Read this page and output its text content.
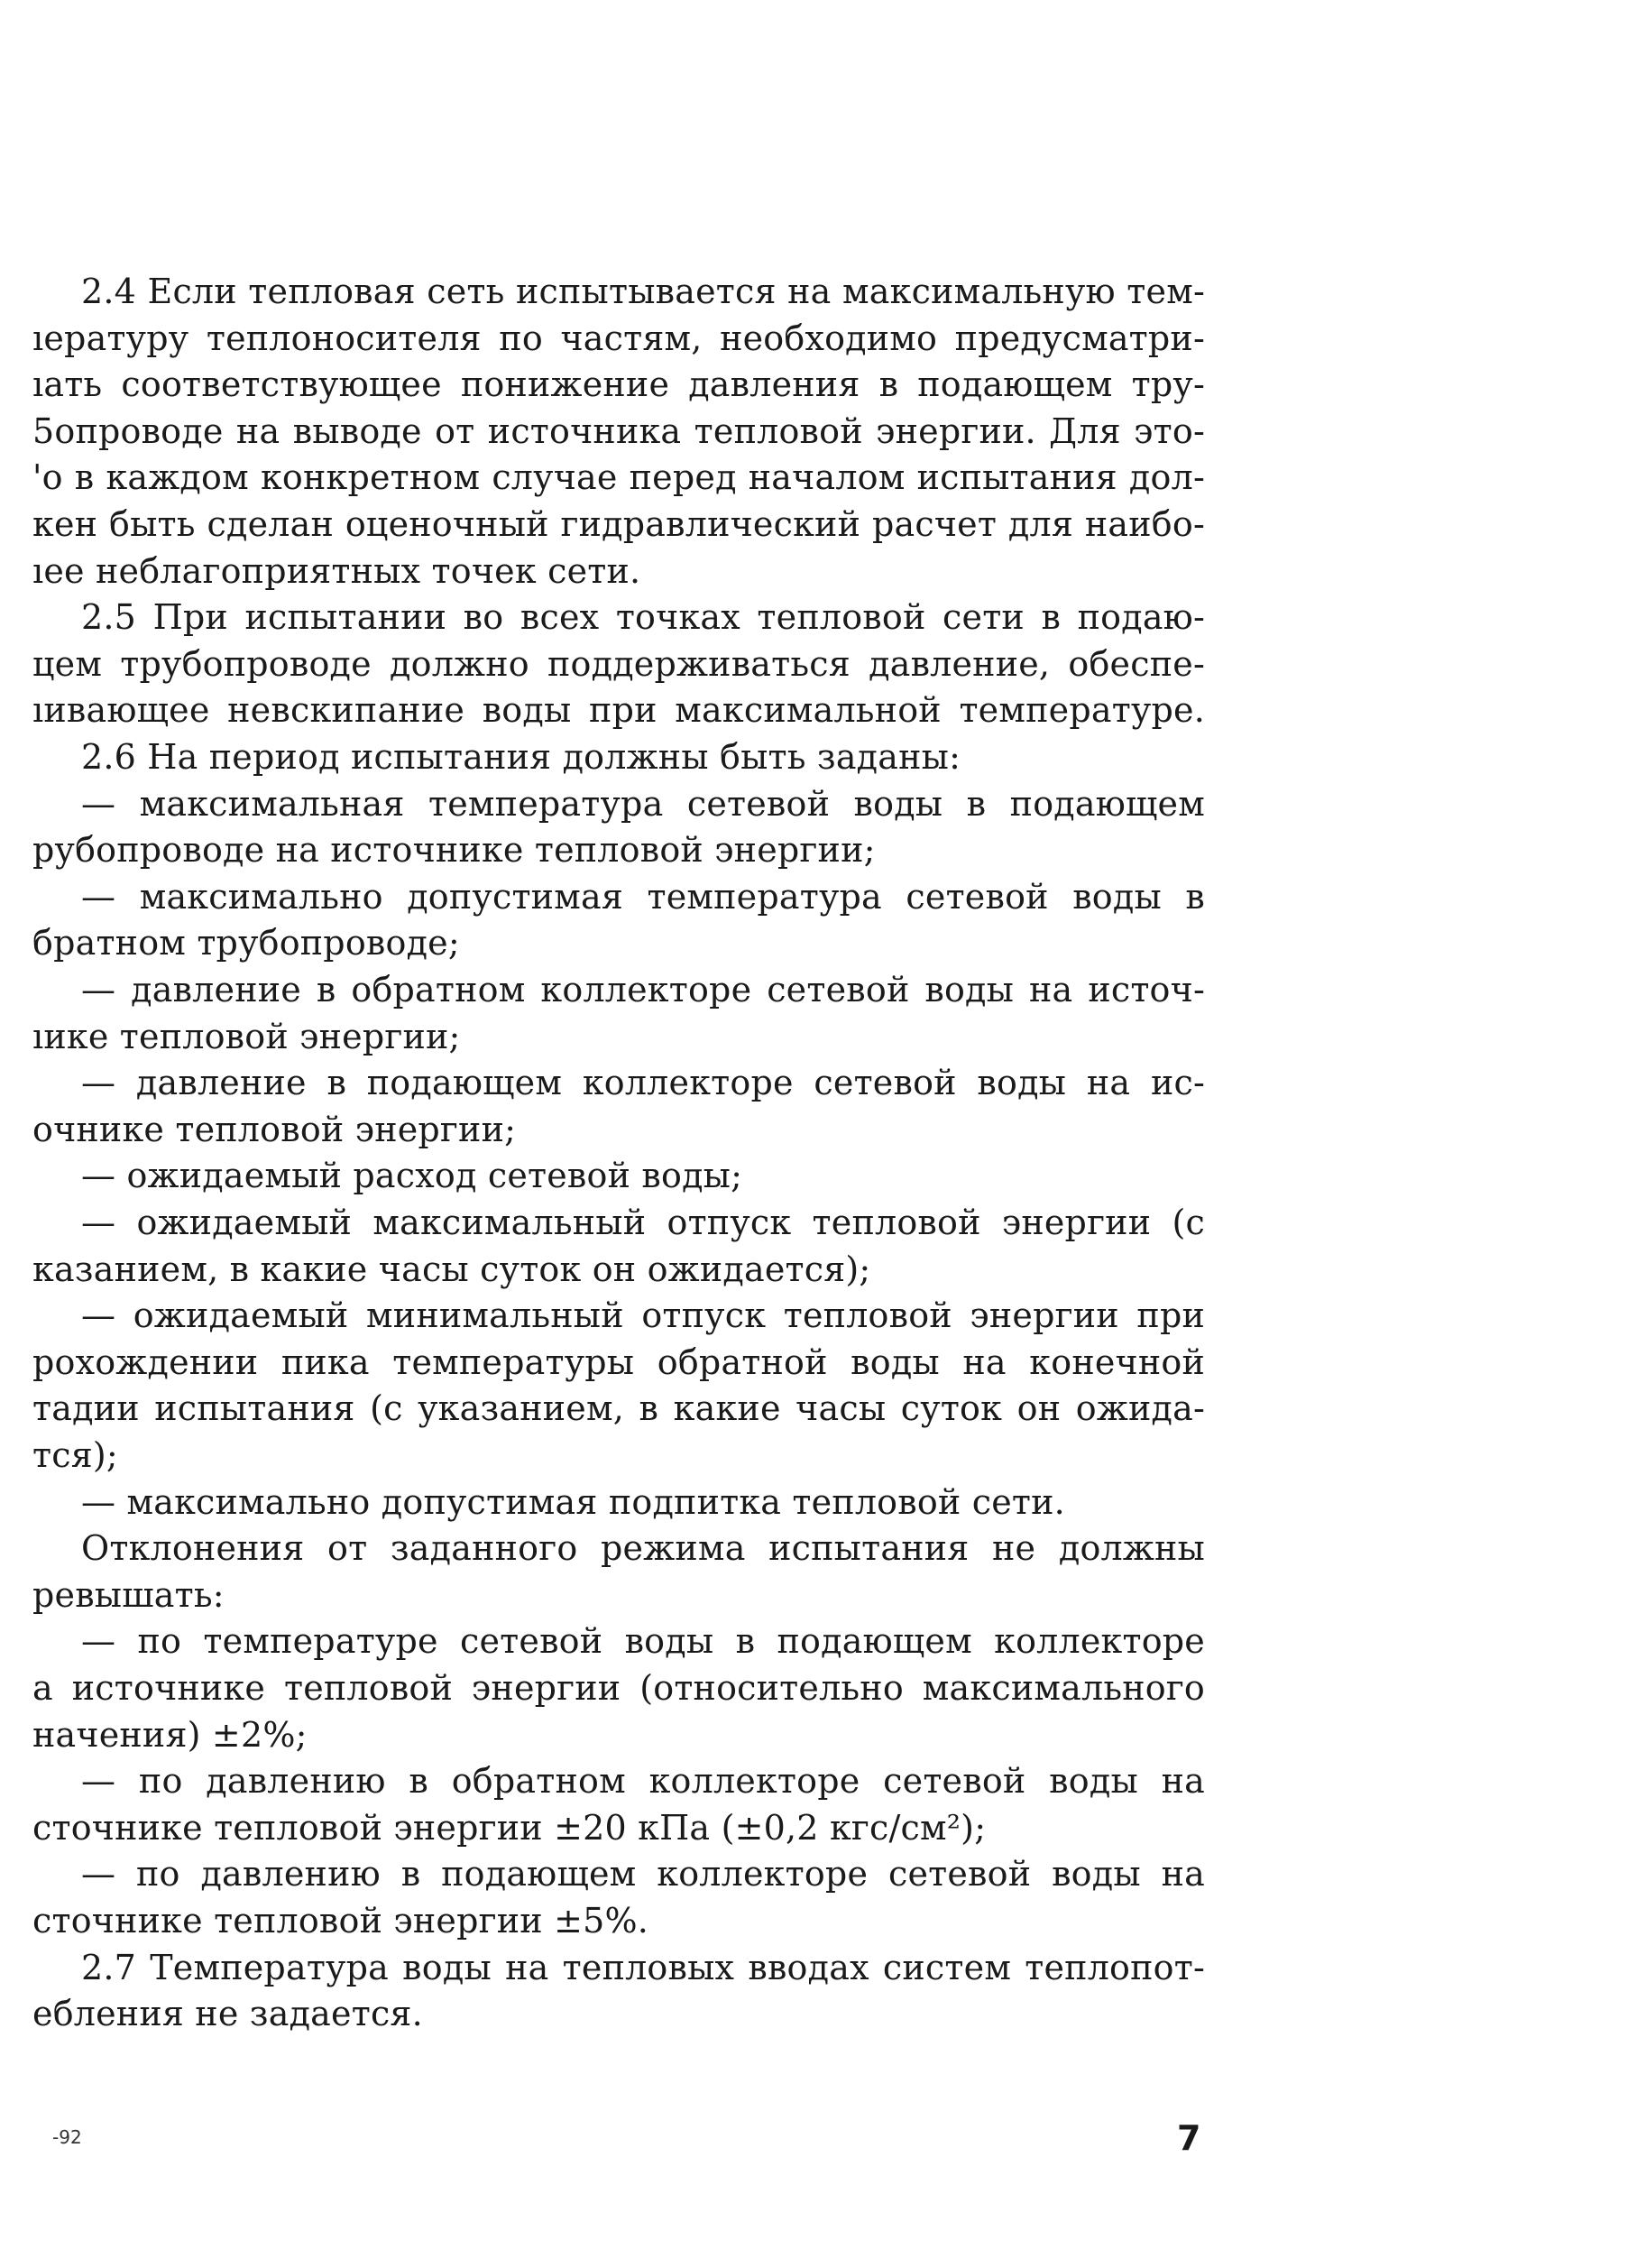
2.4 Если тепловая сеть испытывается на максимальную тем-
ıературу теплоносителя по частям, необходимо предусматри-
ıать соответствующее понижение давления в подающем тру-
5опроводе на выводе от источника тепловой энергии. Для это-
'о в каждом конкретном случае перед началом испытания дол-
кен быть сделан оценочный гидравлический расчет для наибо-
ıее неблагоприятных точек сети.
2.5 При испытании во всех точках тепловой сети в подаю-
цем трубопроводе должно поддерживаться давление, обеспе-
ıивающее невскипание воды при максимальной температуре.
2.6 На период испытания должны быть заданы:
— максимальная температура сетевой воды в подающем
рубопроводе на источнике тепловой энергии;
— максимально допустимая температура сетевой воды в
братном трубопроводе;
— давление в обратном коллекторе сетевой воды на источ-
ıике тепловой энергии;
— давление в подающем коллекторе сетевой воды на ис-
очнике тепловой энергии;
— ожидаемый расход сетевой воды;
— ожидаемый максимальный отпуск тепловой энергии (с
казанием, в какие часы суток он ожидается);
— ожидаемый минимальный отпуск тепловой энергии при
рохождении пика температуры обратной воды на конечной
тадии испытания (с указанием, в какие часы суток он ожида-
тся);
— максимально допустимая подпитка тепловой сети.
Отклонения от заданного режима испытания не должны
ревышать:
— по температуре сетевой воды в подающем коллекторе
а источнике тепловой энергии (относительно максимального
начения) ±2%;
— по давлению в обратном коллекторе сетевой воды на
сточнике тепловой энергии ±20 кПа (±0,2 кгс/см²);
— по давлению в подающем коллекторе сетевой воды на
сточнике тепловой энергии ±5%.
2.7 Температура воды на тепловых вводах систем теплопот-
ебления не задается.
-92	7
